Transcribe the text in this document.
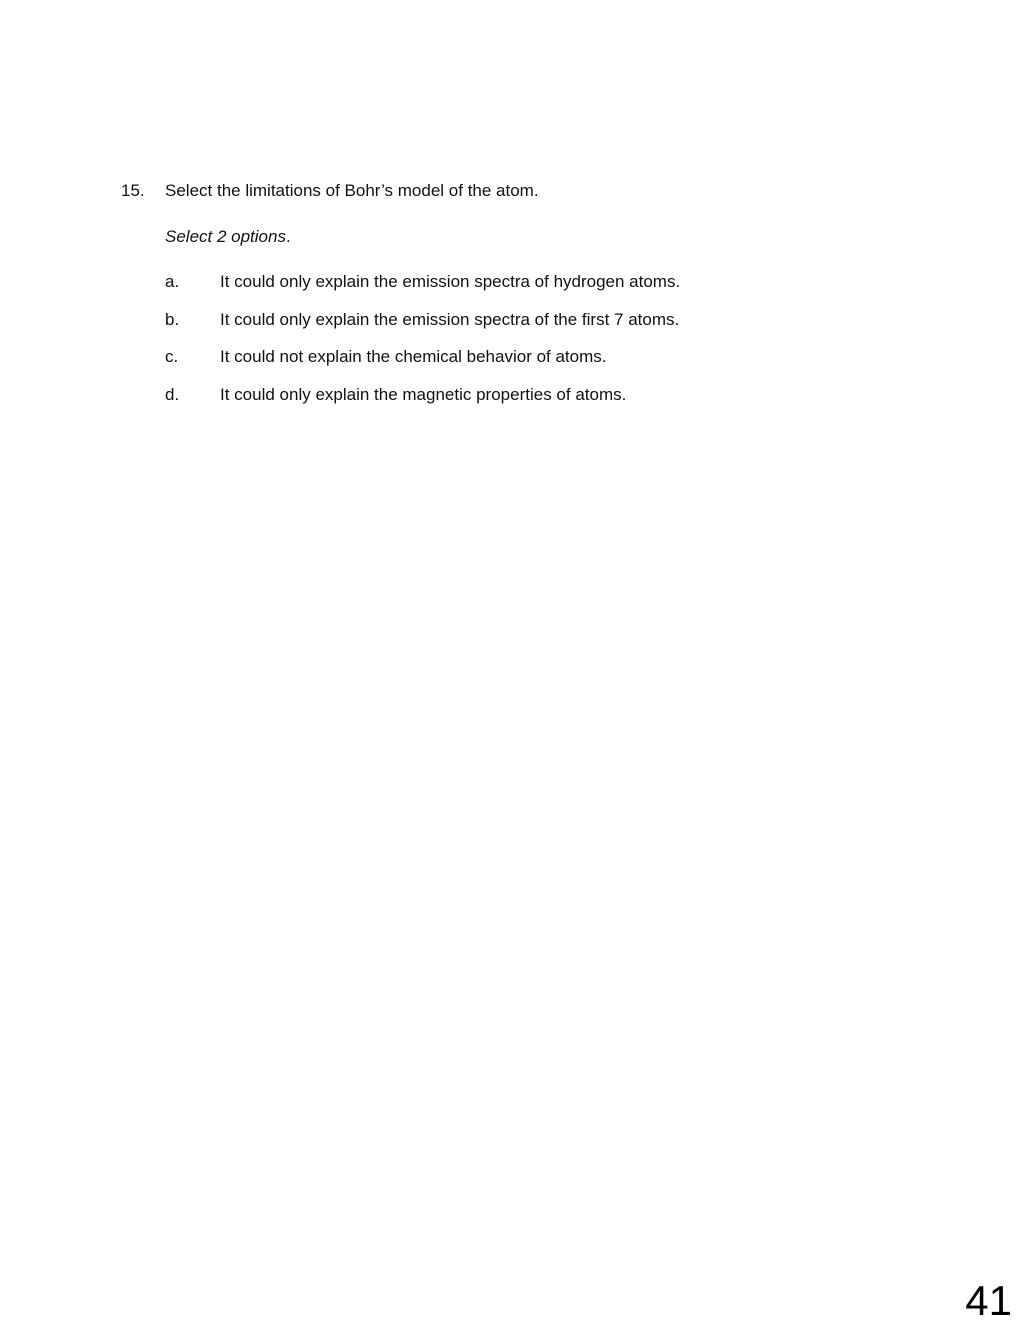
15.	Select the limitations of Bohr’s model of the atom.
Select 2 options.
a.	It could only explain the emission spectra of hydrogen atoms.
b.	It could only explain the emission spectra of the first 7 atoms.
c.	It could not explain the chemical behavior of atoms.
d.	It could only explain the magnetic properties of atoms.
41
